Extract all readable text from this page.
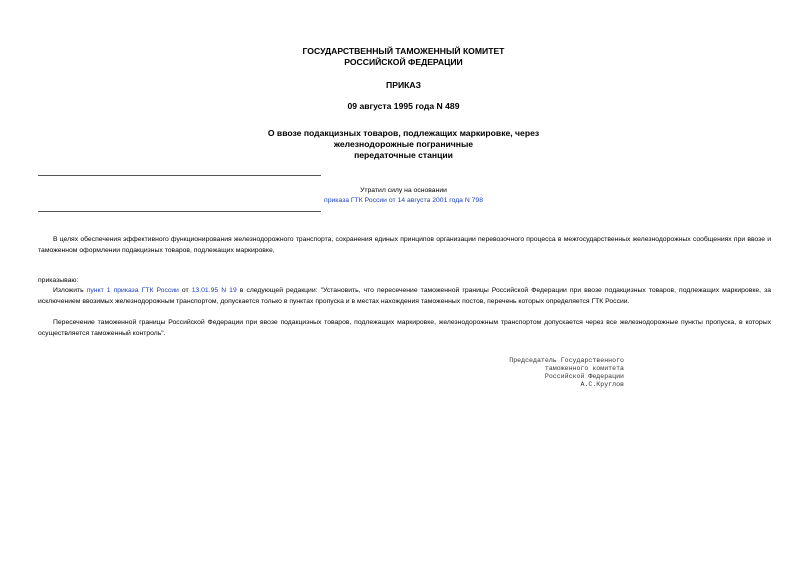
ГОСУДАРСТВЕННЫЙ ТАМОЖЕННЫЙ КОМИТЕТ
РОССИЙСКОЙ ФЕДЕРАЦИИ
ПРИКАЗ
09 августа 1995 года N 489
О ввозе подакцизных товаров, подлежащих маркировке, через
железнодорожные пограничные
передаточные станции
Утратил силу на основании
приказа ГТК России от 14 августа 2001 года N 798
В целях обеспечения эффективного функционирования железнодорожного транспорта, сохранения единых принципов организации перевозочного процесса в межгосударственных железнодорожных сообщениях при ввозе и таможенном оформлении подакцизных товаров, подлежащих маркировке,
приказываю:
Изложить пункт 1 приказа ГТК России от 13.01.95 N 19 в следующей редакции: "Установить, что пересечение таможенной границы Российской Федерации при ввозе подакцизных товаров, подлежащих маркировке, за исключением ввозимых железнодорожным транспортом, допускается только в пунктах пропуска и в местах нахождения таможенных постов, перечень которых определяется ГТК России.
Пересечение таможенной границы Российской Федерации при ввозе подакцизных товаров, подлежащих маркировке, железнодорожным транспортом допускается через все железнодорожные пункты пропуска, в которых осуществляется таможенный контроль".
Председатель Государственного
таможенного комитета
Российской Федерации
А.С.Круглов
